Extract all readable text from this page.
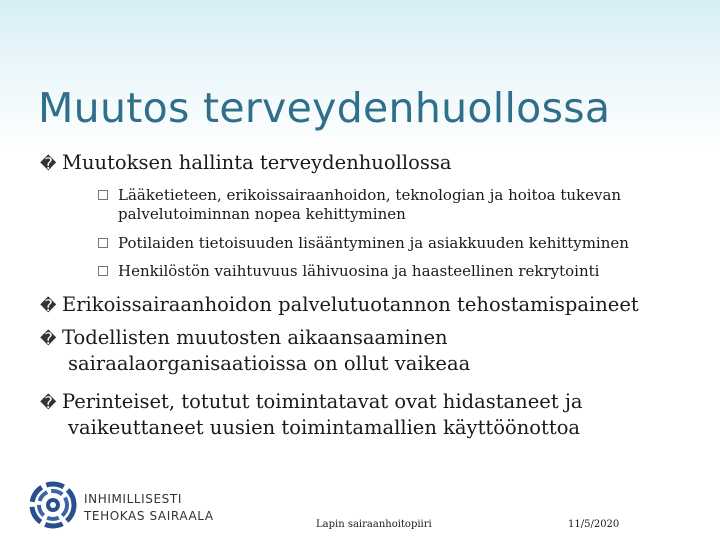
Muutos terveydenhuollossa
� Muutoksen hallinta terveydenhuollossa
Lääketieteen, erikoissairaanhoidon, teknologian ja hoitoa tukevan
palvelutoiminnan nopea kehittyminen
Potilaiden tietoisuuden lisääntyminen ja asiakkuuden kehittyminen
Henkilöstön vaihtuvuus lähivuosina ja haasteellinen rekrytointi
� Erikoissairaanhoidon palvelutuotannon tehostamispaineet
� Todellisten muutosten aikaansaaminen
sairaalaorganisaatioissa on ollut vaikeaa
� Perinteiset, totutut toimintatavat ovat hidastaneet ja
vaikeuttaneet uusien toimintamallien käyttöönottoa
INHIMILLISESTI
TEHOKAS SAIRAALA
Lapin sairaanhoitopiiri	11/5/2020
